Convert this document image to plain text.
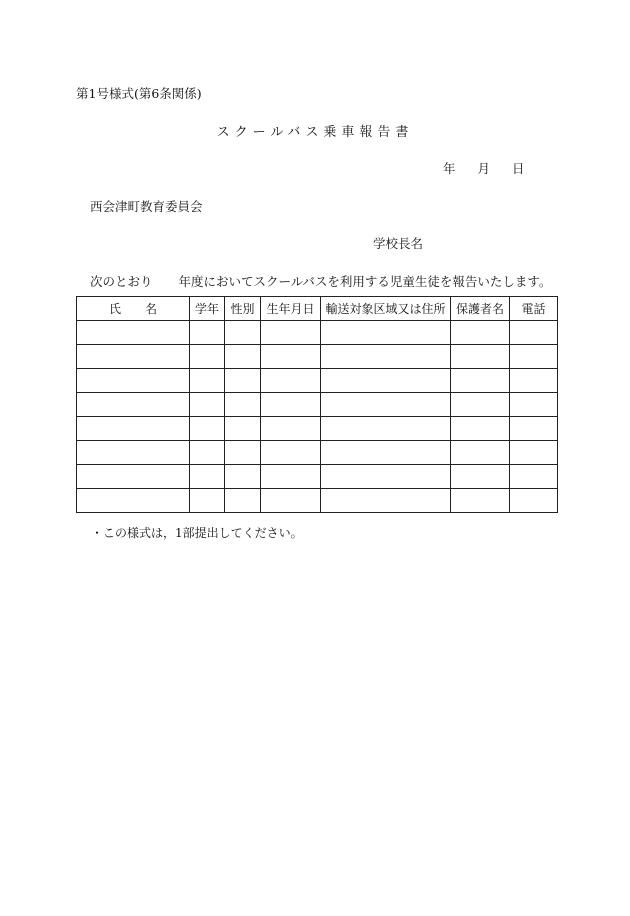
第1号様式(第6条関係)
スクールバス乗車報告書
年 月 日
西会津町教育委員会
学校長名
次のとおり 年度においてスクールバスを利用する児童生徒を報告いたします。
氏　　名	学年	性別	生年月日	輸送対象区域又は住所	保護者名	電話

・この様式は，1部提出してください。
